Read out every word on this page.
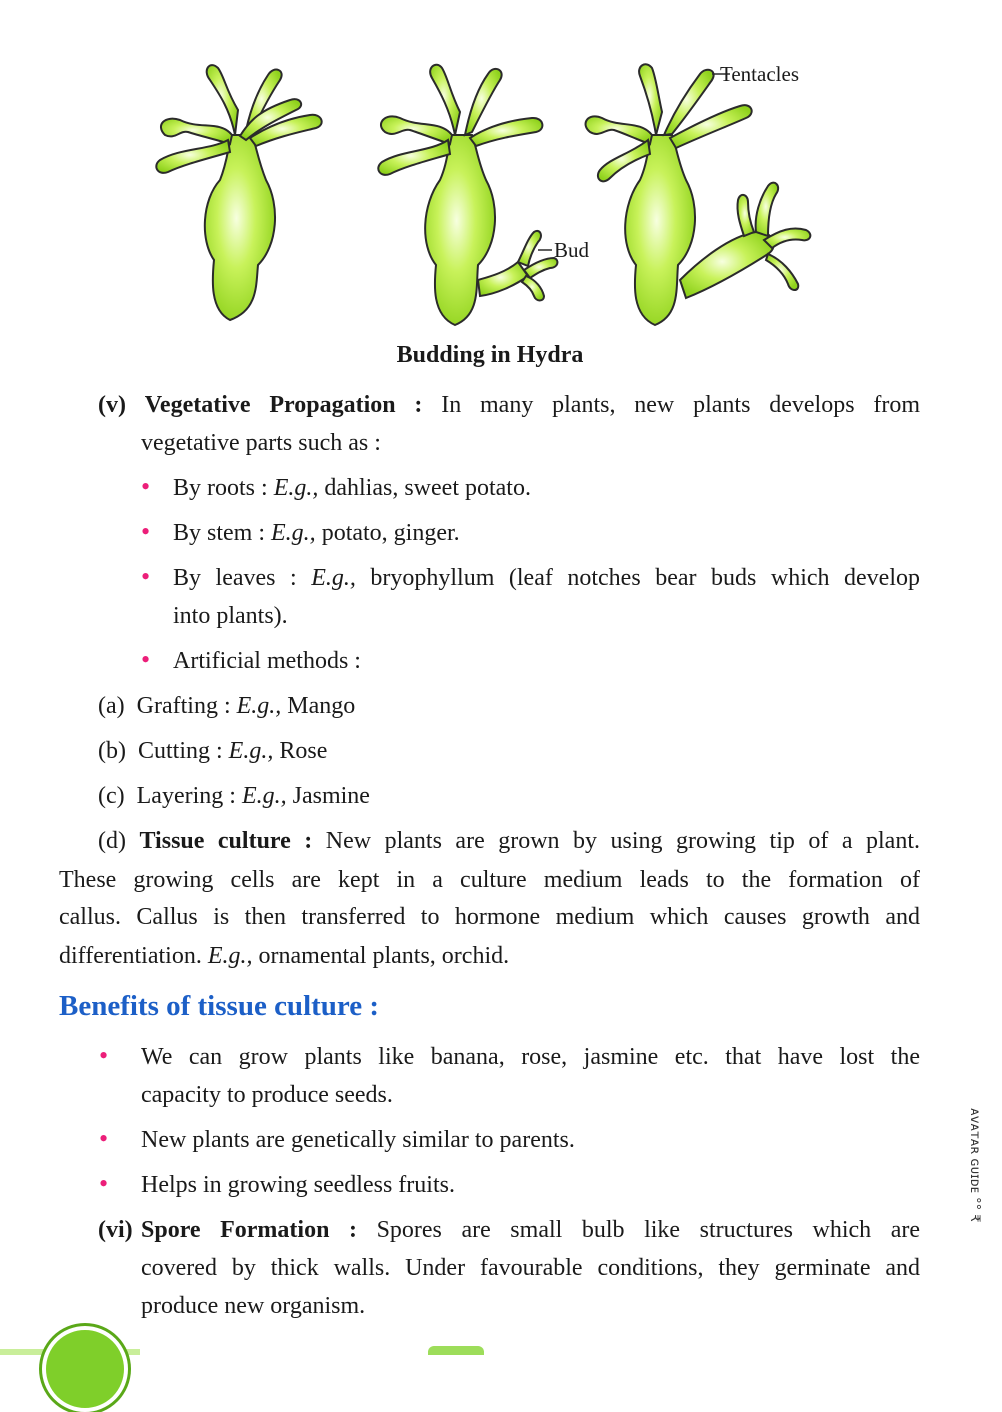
Tentacles
Bud
Budding in Hydra
(v) Vegetative Propagation : In many plants, new plants develops from
vegetative parts such as :
• By roots : E.g., dahlias, sweet potato.
• By stem : E.g., potato, ginger.
• By leaves : E.g., bryophyllum (leaf notches bear buds which develop
into plants).
• Artificial methods :
(a) Grafting : E.g., Mango
(b) Cutting : E.g., Rose
(c) Layering : E.g., Jasmine
(d) Tissue culture : New plants are grown by using growing tip of a plant.
These growing cells are kept in a culture medium leads to the formation of
callus. Callus is then transferred to hormone medium which causes growth and
differentiation. E.g., ornamental plants, orchid.
Benefits of tissue culture :
• We can grow plants like banana, rose, jasmine etc. that have lost the
capacity to produce seeds.
• New plants are genetically similar to parents.
• Helps in growing seedless fruits.
(vi) Spore Formation : Spores are small bulb like structures which are
covered by thick walls. Under favourable conditions, they germinate and
produce new organism.
ᴀᴠᴀᴛᴀʀ ɢᴜɪᴅᴇ °° ₹
